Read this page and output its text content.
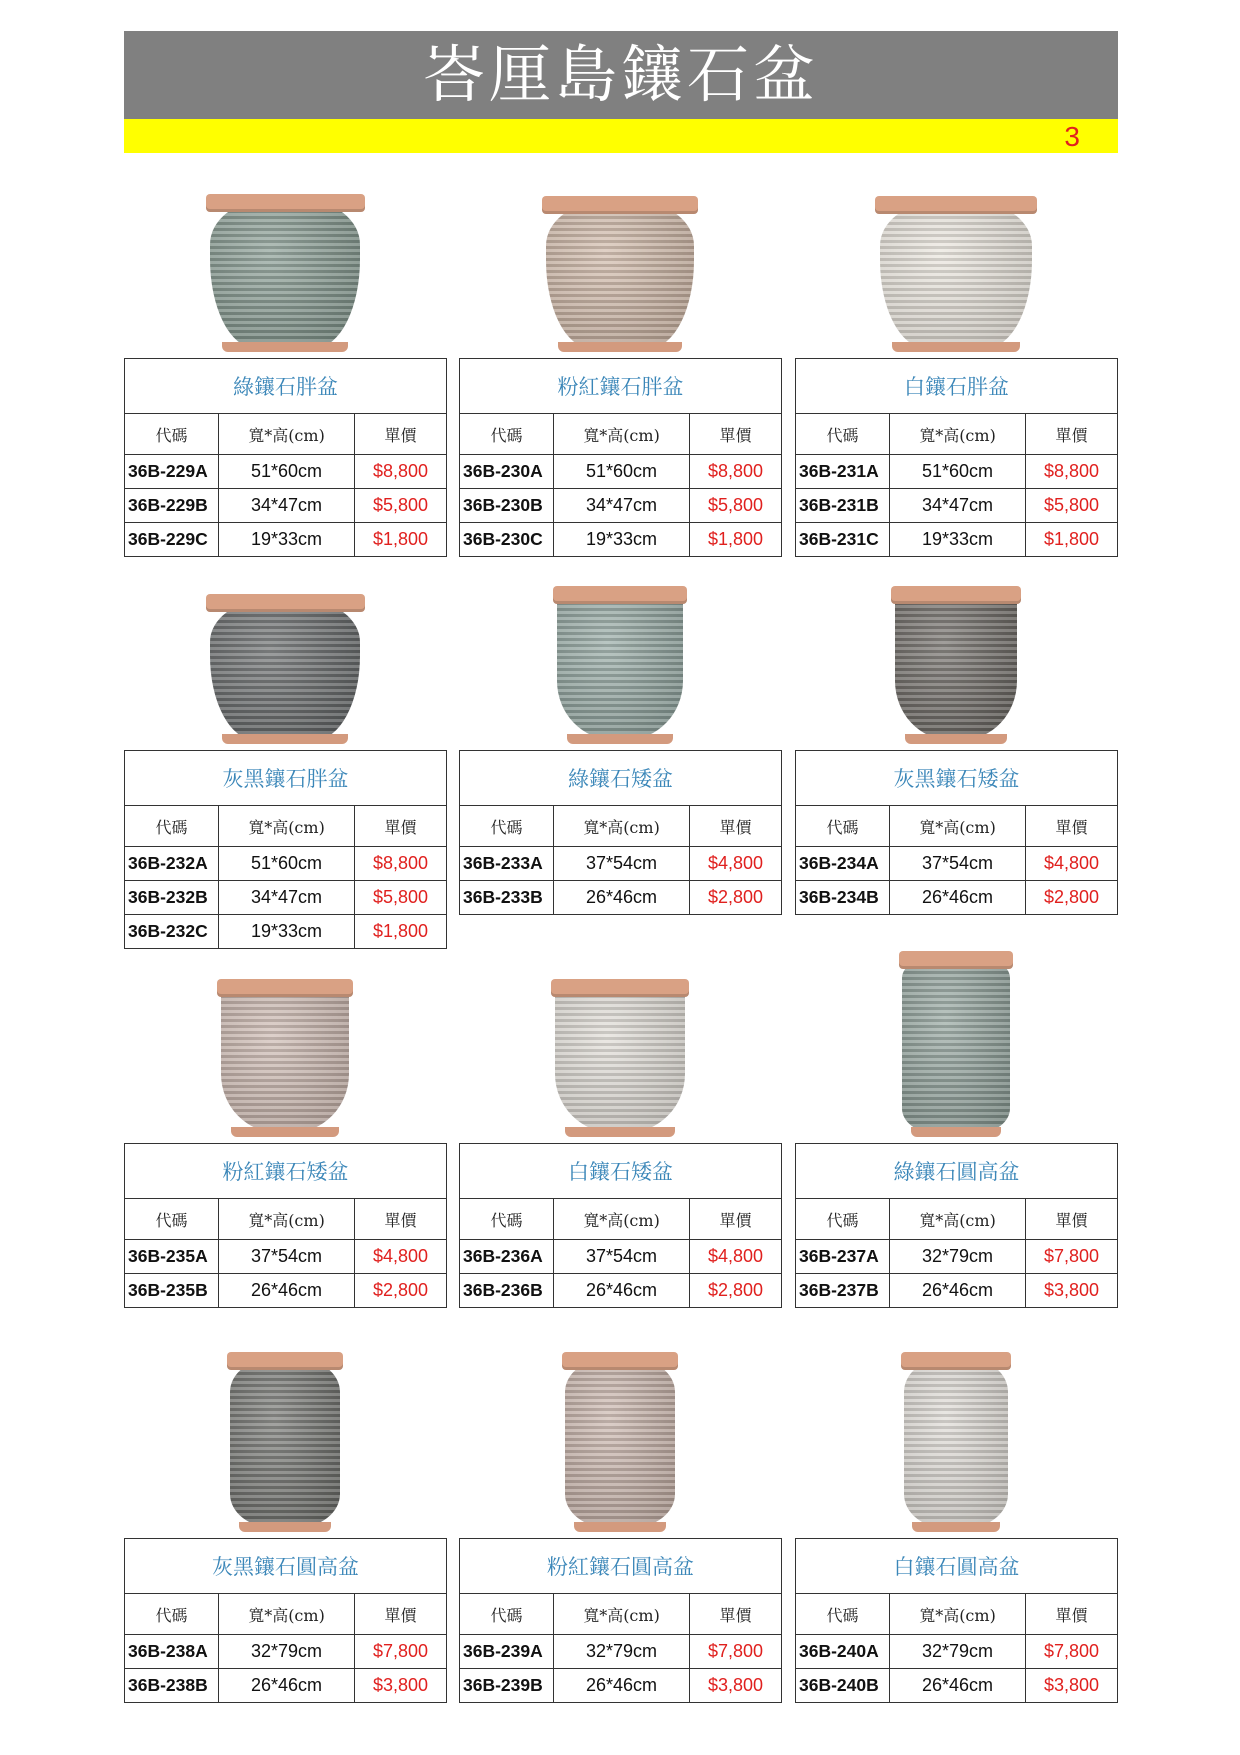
峇厘島鑲石盆
3
綠鑲石胖盆		
代碼	寬*高(cm)	單價
36B-229A	51*60cm	$8,800
36B-229B	34*47cm	$5,800
36B-229C	19*33cm	$1,800
粉紅鑲石胖盆		
代碼	寬*高(cm)	單價
36B-230A	51*60cm	$8,800
36B-230B	34*47cm	$5,800
36B-230C	19*33cm	$1,800
白鑲石胖盆		
代碼	寬*高(cm)	單價
36B-231A	51*60cm	$8,800
36B-231B	34*47cm	$5,800
36B-231C	19*33cm	$1,800
灰黑鑲石胖盆		
代碼	寬*高(cm)	單價
36B-232A	51*60cm	$8,800
36B-232B	34*47cm	$5,800
36B-232C	19*33cm	$1,800
綠鑲石矮盆		
代碼	寬*高(cm)	單價
36B-233A	37*54cm	$4,800
36B-233B	26*46cm	$2,800
灰黑鑲石矮盆		
代碼	寬*高(cm)	單價
36B-234A	37*54cm	$4,800
36B-234B	26*46cm	$2,800
粉紅鑲石矮盆		
代碼	寬*高(cm)	單價
36B-235A	37*54cm	$4,800
36B-235B	26*46cm	$2,800
白鑲石矮盆		
代碼	寬*高(cm)	單價
36B-236A	37*54cm	$4,800
36B-236B	26*46cm	$2,800
綠鑲石圓高盆		
代碼	寬*高(cm)	單價
36B-237A	32*79cm	$7,800
36B-237B	26*46cm	$3,800
灰黑鑲石圓高盆		
代碼	寬*高(cm)	單價
36B-238A	32*79cm	$7,800
36B-238B	26*46cm	$3,800
粉紅鑲石圓高盆		
代碼	寬*高(cm)	單價
36B-239A	32*79cm	$7,800
36B-239B	26*46cm	$3,800
白鑲石圓高盆		
代碼	寬*高(cm)	單價
36B-240A	32*79cm	$7,800
36B-240B	26*46cm	$3,800
